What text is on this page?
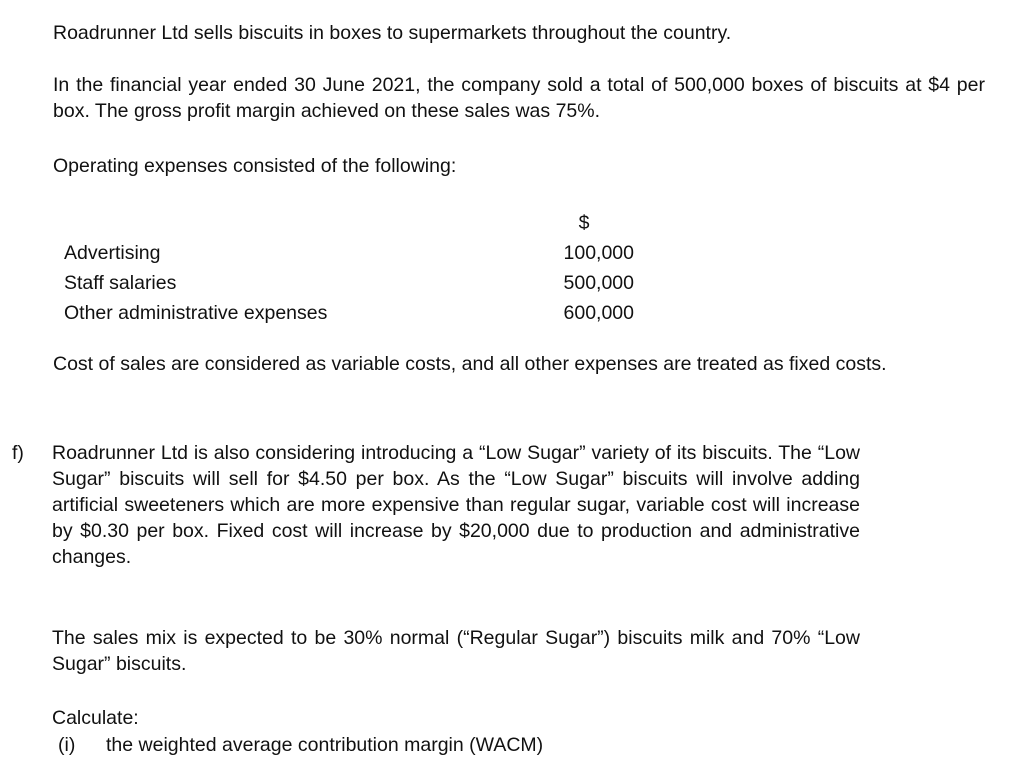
Roadrunner Ltd sells biscuits in boxes to supermarkets throughout the country.

In the financial year ended 30 June 2021, the company sold a total of 500,000 boxes of biscuits at $4 per box. The gross profit margin achieved on these sales was 75%.

Operating expenses consisted of the following:

	$
Advertising	100,000
Staff salaries	500,000
Other administrative expenses	600,000

Cost of sales are considered as variable costs, and all other expenses are treated as fixed costs.

f) Roadrunner Ltd is also considering introducing a “Low Sugar” variety of its biscuits. The “Low Sugar” biscuits will sell for $4.50 per box. As the “Low Sugar” biscuits will involve adding artificial sweeteners which are more expensive than regular sugar, variable cost will increase by $0.30 per box. Fixed cost will increase by $20,000 due to production and administrative changes.

The sales mix is expected to be 30% normal (“Regular Sugar”) biscuits milk and 70% “Low Sugar” biscuits.

Calculate:

(i) the weighted average contribution margin (WACM)
